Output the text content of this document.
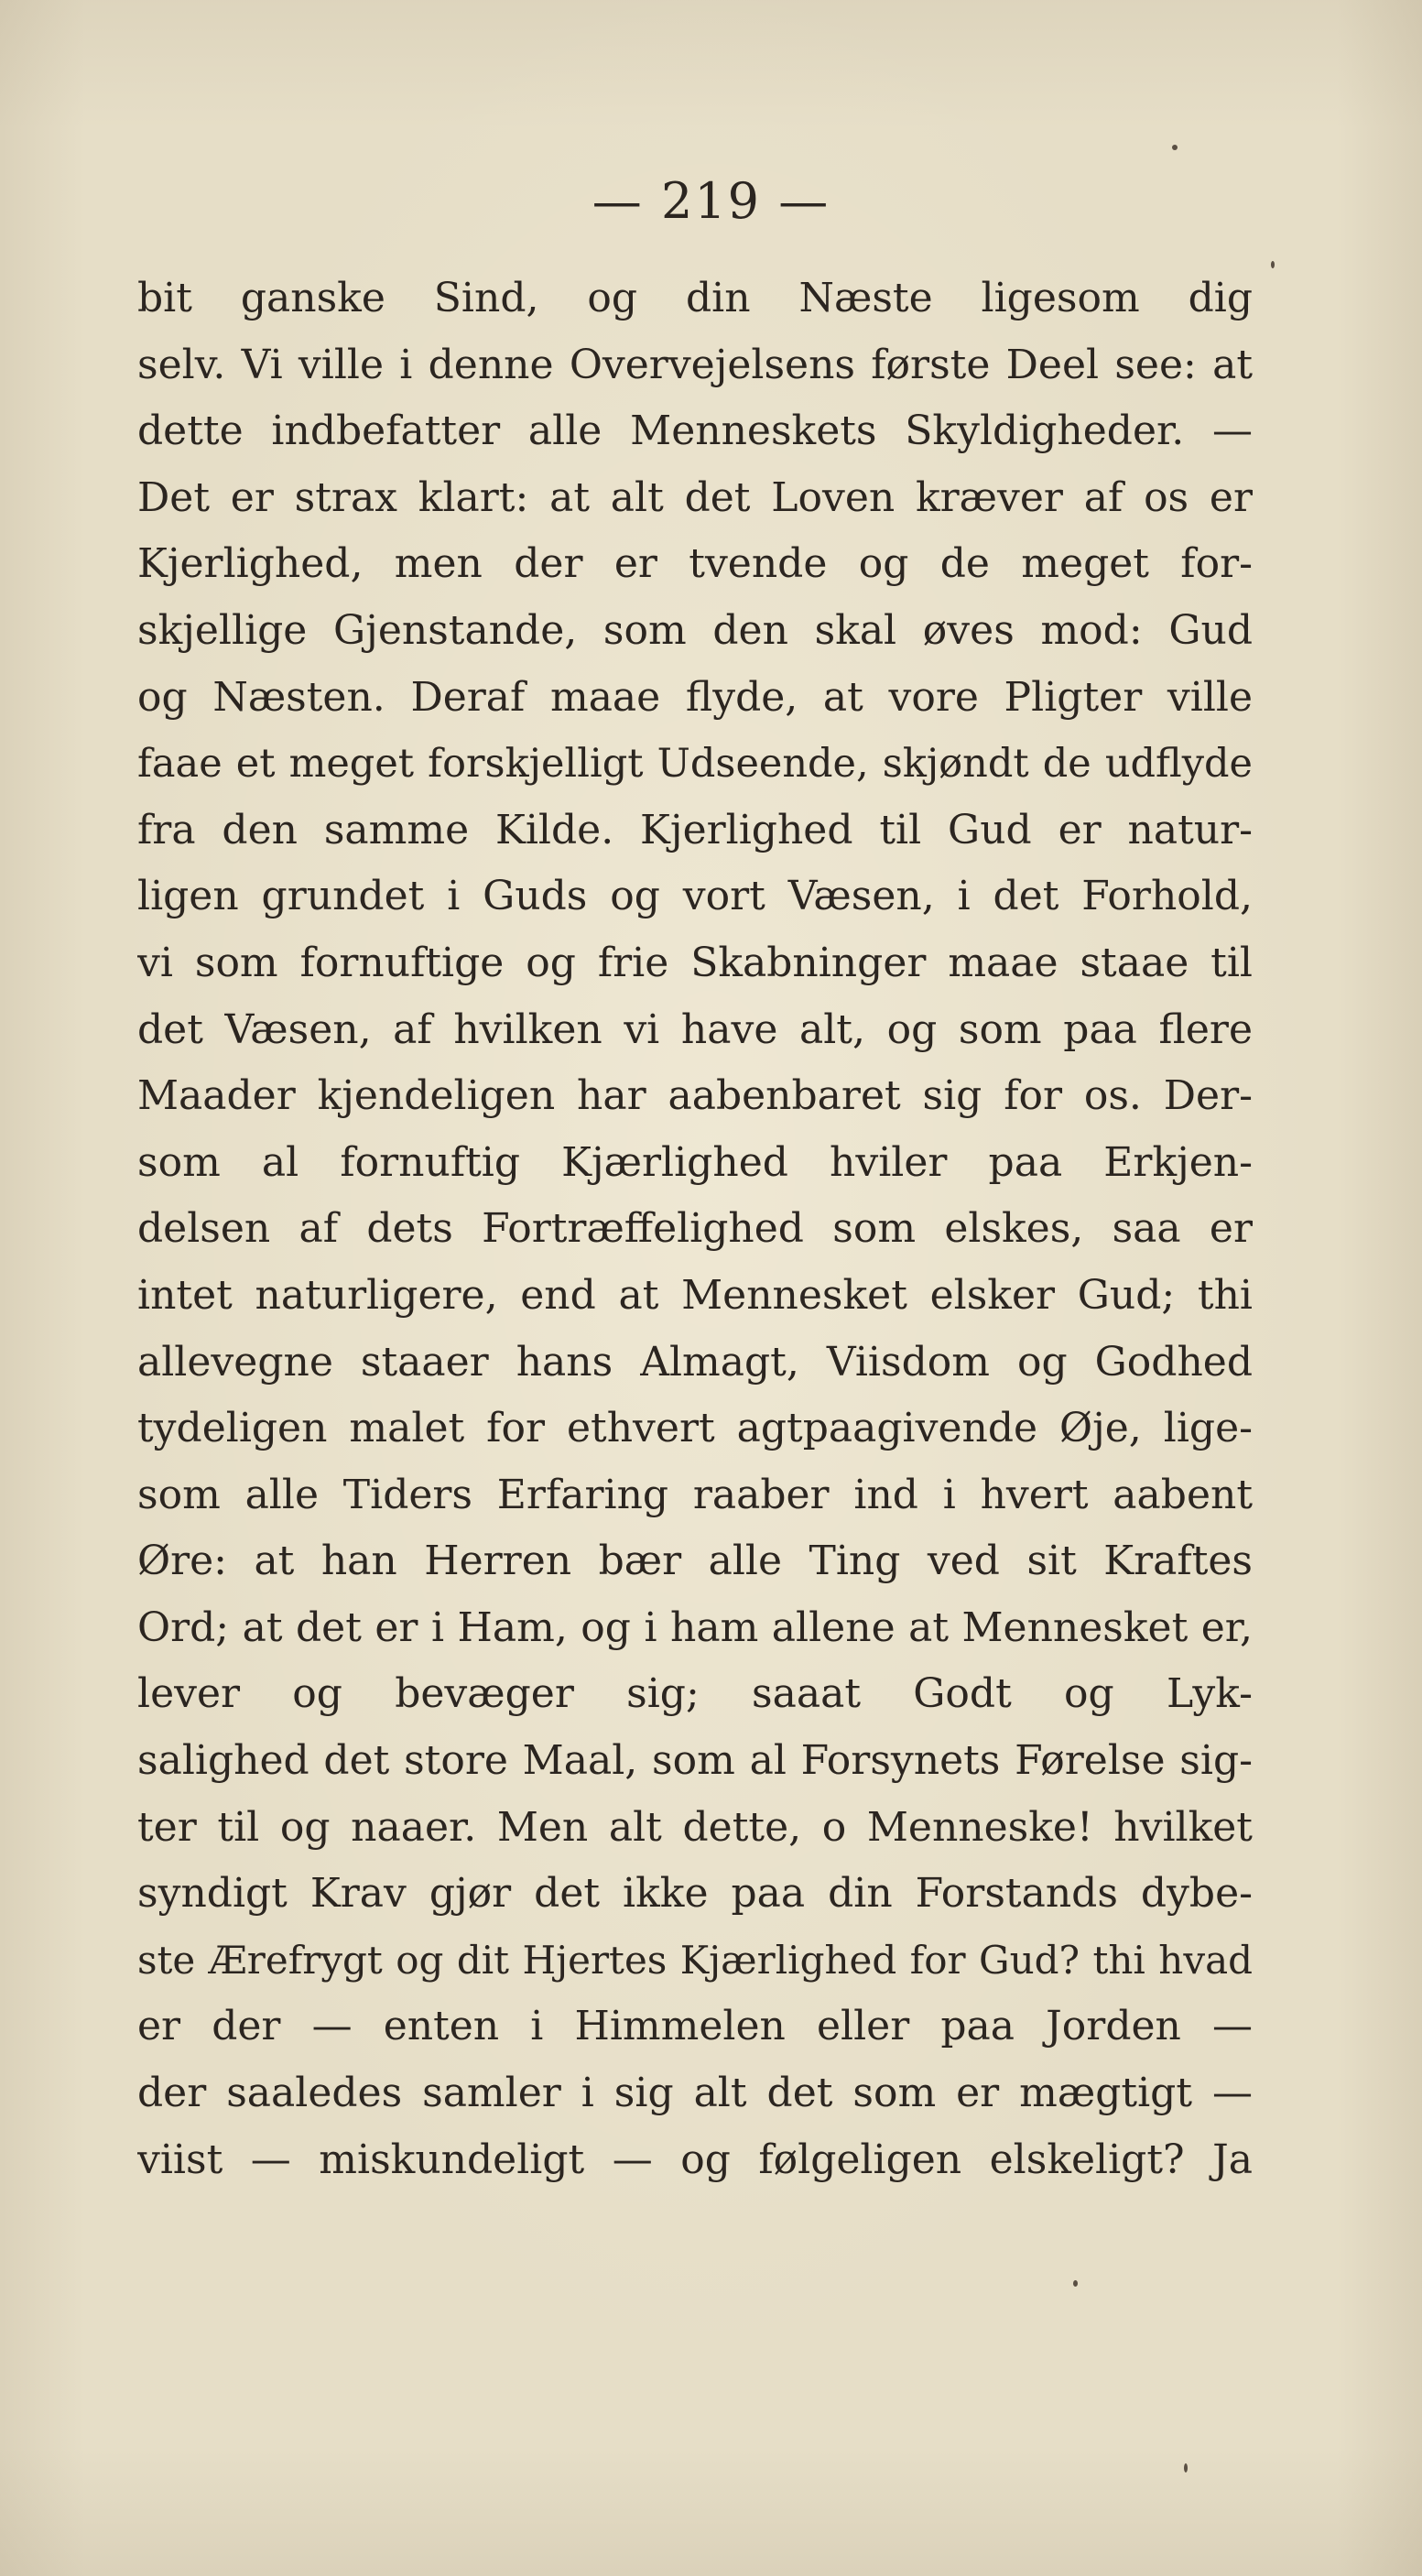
— 219 —
bit ganske Sind, og din Næste ligesom dig
selv. Vi ville i denne Overvejelsens første Deel see: at
dette indbefatter alle Menneskets Skyldigheder. —
Det er strax klart: at alt det Loven kræver af os er
Kjerlighed, men der er tvende og de meget for-
skjellige Gjenstande, som den skal øves mod: Gud
og Næsten. Deraf maae flyde, at vore Pligter ville
faae et meget forskjelligt Udseende, skjøndt de udflyde
fra den samme Kilde. Kjerlighed til Gud er natur-
ligen grundet i Guds og vort Væsen, i det Forhold,
vi som fornuftige og frie Skabninger maae staae til
det Væsen, af hvilken vi have alt, og som paa flere
Maader kjendeligen har aabenbaret sig for os. Der-
som al fornuftig Kjærlighed hviler paa Erkjen-
delsen af dets Fortræffelighed som elskes, saa er
intet naturligere, end at Mennesket elsker Gud; thi
allevegne staaer hans Almagt, Viisdom og Godhed
tydeligen malet for ethvert agtpaagivende Øje, lige-
som alle Tiders Erfaring raaber ind i hvert aabent
Øre: at han Herren bær alle Ting ved sit Kraftes
Ord; at det er i Ham, og i ham allene at Mennesket er,
lever og bevæger sig; saaat Godt og Lyk-
salighed det store Maal, som al Forsynets Førelse sig-
ter til og naaer. Men alt dette, o Menneske! hvilket
syndigt Krav gjør det ikke paa din Forstands dybe-
ste Ærefrygt og dit Hjertes Kjærlighed for Gud? thi hvad
er der — enten i Himmelen eller paa Jorden —
der saaledes samler i sig alt det som er mægtigt —
viist — miskundeligt — og følgeligen elskeligt? Ja
